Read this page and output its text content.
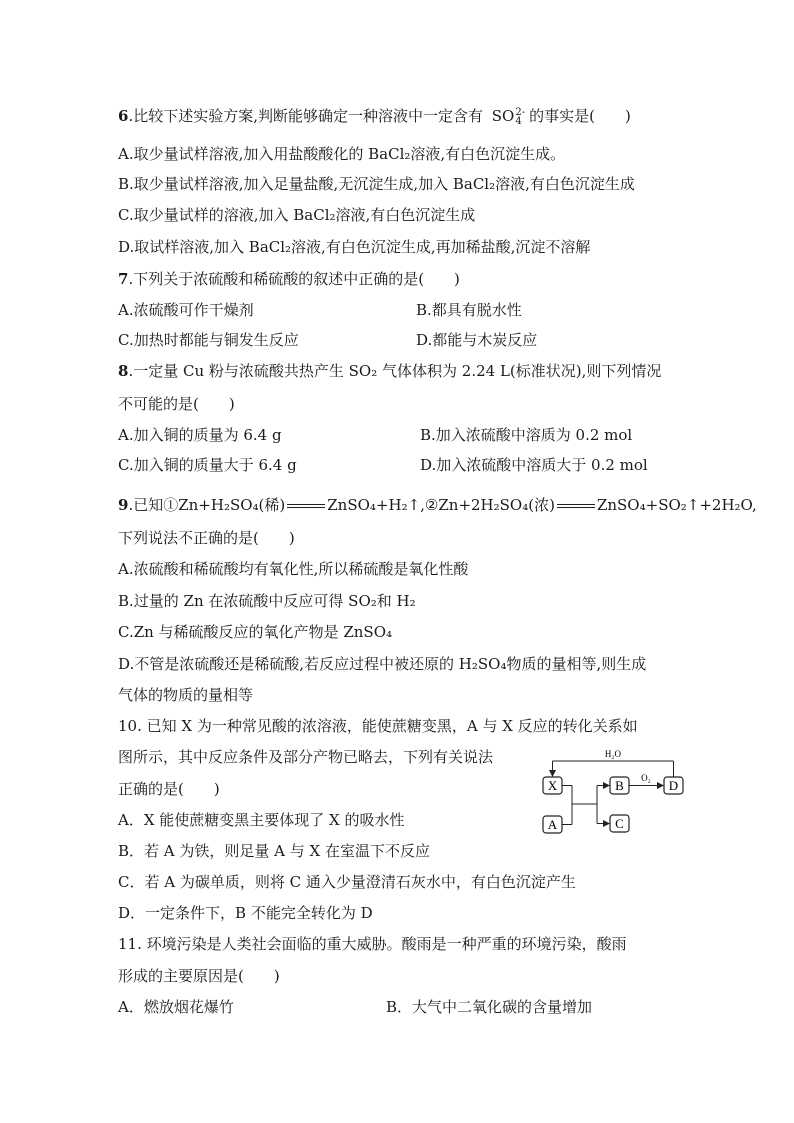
6.比较下述实验方案,判断能够确定一种溶液中一定含有 SO2-
4 的事实是(　　)
A.取少量试样溶液,加入用盐酸酸化的 BaCl₂溶液,有白色沉淀生成。
B.取少量试样溶液,加入足量盐酸,无沉淀生成,加入 BaCl₂溶液,有白色沉淀生成
C.取少量试样的溶液,加入 BaCl₂溶液,有白色沉淀生成
D.取试样溶液,加入 BaCl₂溶液,有白色沉淀生成,再加稀盐酸,沉淀不溶解
7.下列关于浓硫酸和稀硫酸的叙述中正确的是(　　)
A.浓硫酸可作干燥剂	B.都具有脱水性
C.加热时都能与铜发生反应	D.都能与木炭反应
8.一定量 Cu 粉与浓硫酸共热产生 SO₂ 气体体积为 2.24 L(标准状况),则下列情况
不可能的是(　　)
A.加入铜的质量为 6.4 g	B.加入浓硫酸中溶质为 0.2 mol
C.加入铜的质量大于 6.4 g	D.加入浓硫酸中溶质大于 0.2 mol
9.已知①Zn+H₂SO₄(稀)	ZnSO₄+H₂↑,②Zn+2H₂SO₄(浓)	ZnSO₄+SO₂↑+2H₂O,
下列说法不正确的是(　　)
A.浓硫酸和稀硫酸均有氧化性,所以稀硫酸是氧化性酸
B.过量的 Zn 在浓硫酸中反应可得 SO₂和 H₂
C.Zn 与稀硫酸反应的氧化产物是 ZnSO₄
D.不管是浓硫酸还是稀硫酸,若反应过程中被还原的 H₂SO₄物质的量相等,则生成
气体的物质的量相等
10. 已知 X 为一种常见酸的浓溶液，能使蔗糖变黑，A 与 X 反应的转化关系如
图所示，其中反应条件及部分产物已略去，下列有关说法
正确的是(　　)
A．X 能使蔗糖变黑主要体现了 X 的吸水性
B．若 A 为铁，则足量 A 与 X 在室温下不反应
C．若 A 为碳单质，则将 C 通入少量澄清石灰水中，有白色沉淀产生
D．一定条件下，B 不能完全转化为 D
X
A
B
C
D
O₂
H₂O
11. 环境污染是人类社会面临的重大威胁。酸雨是一种严重的环境污染，酸雨
形成的主要原因是(　　)
A．燃放烟花爆竹	B．大气中二氧化碳的含量增加
